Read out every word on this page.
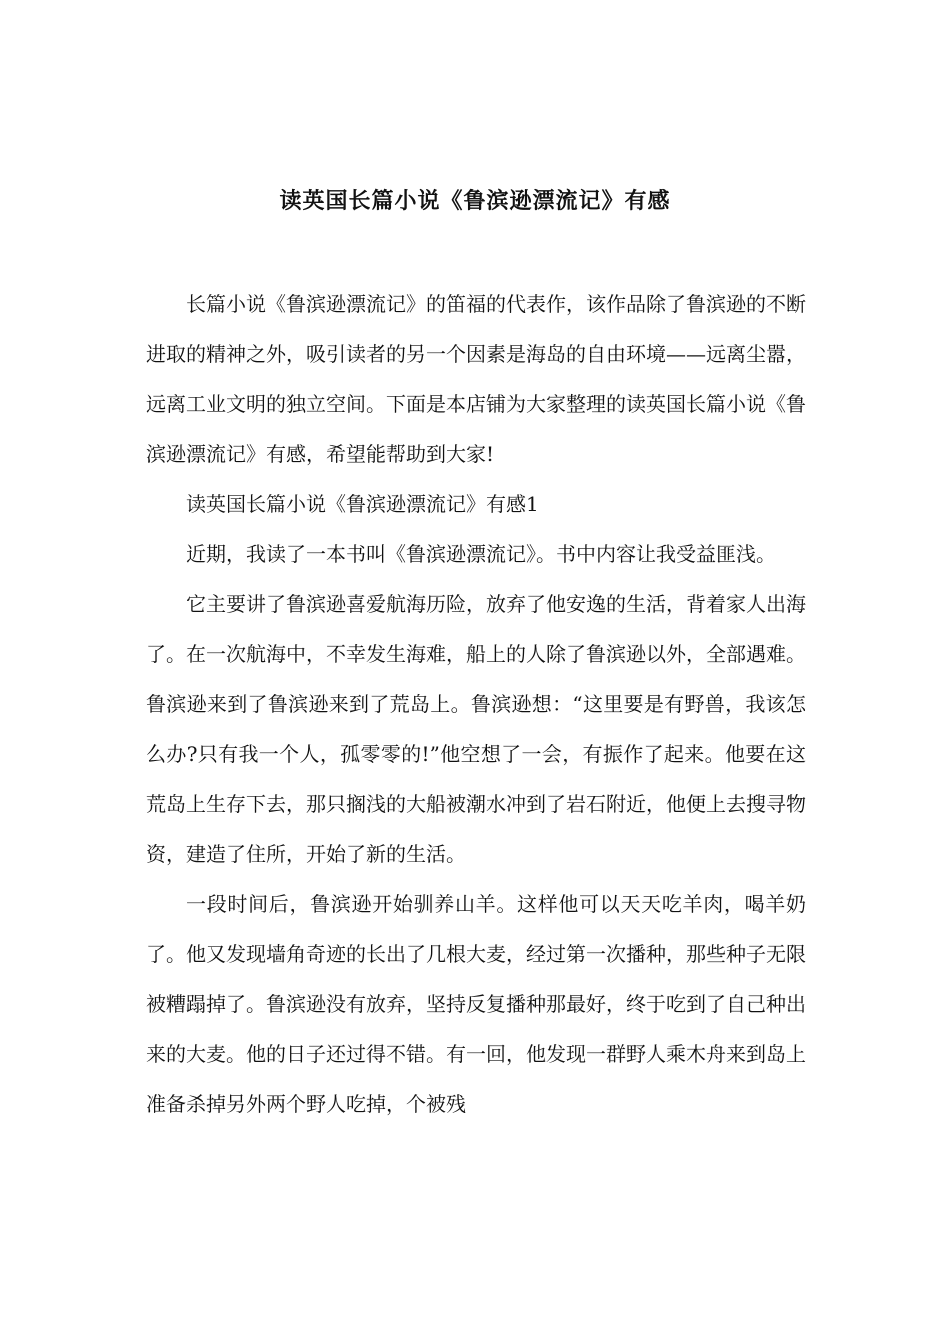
读英国长篇小说《鲁滨逊漂流记》有感

长篇小说《鲁滨逊漂流记》的笛福的代表作，该作品除了鲁滨逊的不断进取的精神之外，吸引读者的另一个因素是海岛的自由环境——远离尘嚣，远离工业文明的独立空间。下面是本店铺为大家整理的读英国长篇小说《鲁滨逊漂流记》有感，希望能帮助到大家!

读英国长篇小说《鲁滨逊漂流记》有感1

近期，我读了一本书叫《鲁滨逊漂流记》。书中内容让我受益匪浅。

它主要讲了鲁滨逊喜爱航海历险，放弃了他安逸的生活，背着家人出海了。在一次航海中，不幸发生海难，船上的人除了鲁滨逊以外，全部遇难。鲁滨逊来到了鲁滨逊来到了荒岛上。鲁滨逊想：“这里要是有野兽，我该怎么办?只有我一个人，孤零零的!”他空想了一会，有振作了起来。他要在这荒岛上生存下去，那只搁浅的大船被潮水冲到了岩石附近，他便上去搜寻物资，建造了住所，开始了新的生活。

一段时间后，鲁滨逊开始驯养山羊。这样他可以天天吃羊肉，喝羊奶了。他又发现墙角奇迹的长出了几根大麦，经过第一次播种，那些种子无限被糟蹋掉了。鲁滨逊没有放弃，坚持反复播种那最好，终于吃到了自己种出来的大麦。他的日子还过得不错。有一回，他发现一群野人乘木舟来到岛上准备杀掉另外两个野人吃掉，个被残
